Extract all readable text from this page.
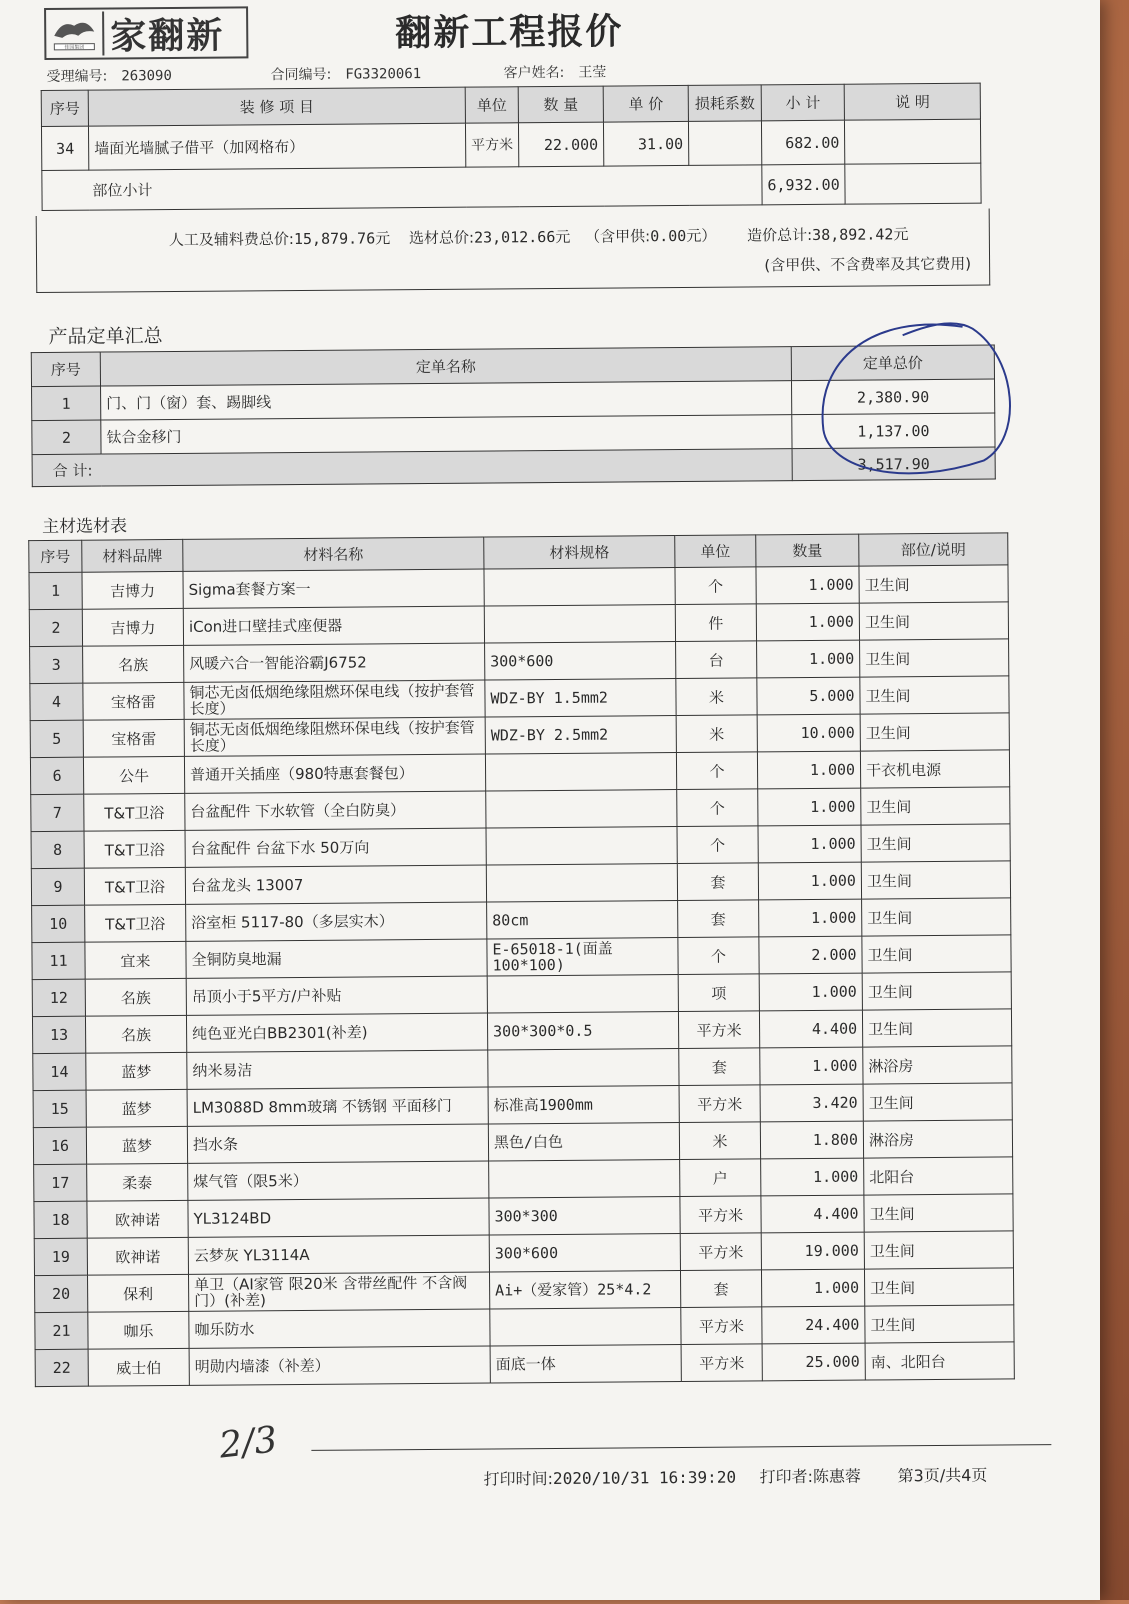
佳园集团 家翻新	翻新工程报价
受理编号: 263090	合同编号: FG3320061	客户姓名: 王莹
序号	装 修 项 目	单位	数 量	单 价	损耗系数	小 计	说 明
34	墙面光墙腻子借平（加网格布）	平方米	22.000	31.00		682.00	
部位小计						6,932.00	
人工及辅料费总价:15,879.76元 选材总价:23,012.66元 （含甲供:0.00元） 造价总计:38,892.42元
(含甲供、不含费率及其它费用)
产品定单汇总
序号	定单名称	定单总价
1	门、门（窗）套、踢脚线	2,380.90
2	钛合金移门	1,137.00
合 计:		3,517.90
主材选材表
序号	材料品牌	材料名称	材料规格	单位	数量	部位/说明
1	吉博力	Sigma套餐方案一		个	1.000	卫生间
2	吉博力	iCon进口壁挂式座便器		件	1.000	卫生间
3	名族	风暖六合一智能浴霸J6752	300*600	台	1.000	卫生间
4	宝格雷	铜芯无卤低烟绝缘阻燃环保电线（按护套管长度）	WDZ-BY 1.5mm2	米	5.000	卫生间
5	宝格雷	铜芯无卤低烟绝缘阻燃环保电线（按护套管长度）	WDZ-BY 2.5mm2	米	10.000	卫生间
6	公牛	普通开关插座（980特惠套餐包）		个	1.000	干衣机电源
7	T&T卫浴	台盆配件 下水软管（全白防臭）		个	1.000	卫生间
8	T&T卫浴	台盆配件 台盆下水 50万向		个	1.000	卫生间
9	T&T卫浴	台盆龙头 13007		套	1.000	卫生间
10	T&T卫浴	浴室柜 5117-80（多层实木）	80cm	套	1.000	卫生间
11	宜来	全铜防臭地漏	E-65018-1(面盖100*100)	个	2.000	卫生间
12	名族	吊顶小于5平方/户补贴		项	1.000	卫生间
13	名族	纯色亚光白BB2301(补差)	300*300*0.5	平方米	4.400	卫生间
14	蓝梦	纳米易洁		套	1.000	淋浴房
15	蓝梦	LM3088D 8mm玻璃 不锈钢 平面移门	标准高1900mm	平方米	3.420	卫生间
16	蓝梦	挡水条	黑色/白色	米	1.800	淋浴房
17	柔泰	煤气管（限5米）		户	1.000	北阳台
18	欧神诺	YL3124BD	300*300	平方米	4.400	卫生间
19	欧神诺	云梦灰 YL3114A	300*600	平方米	19.000	卫生间
20	保利	单卫（AI家管 限20米 含带丝配件 不含阀门）(补差)	Ai+（爱家管）25*4.2	套	1.000	卫生间
21	咖乐	咖乐防水		平方米	24.400	卫生间
22	威士伯	明勋内墙漆（补差）	面底一体	平方米	25.000	南、北阳台
2/3
打印时间:2020/10/31 16:39:20 打印者:陈惠蓉 第3页/共4页
